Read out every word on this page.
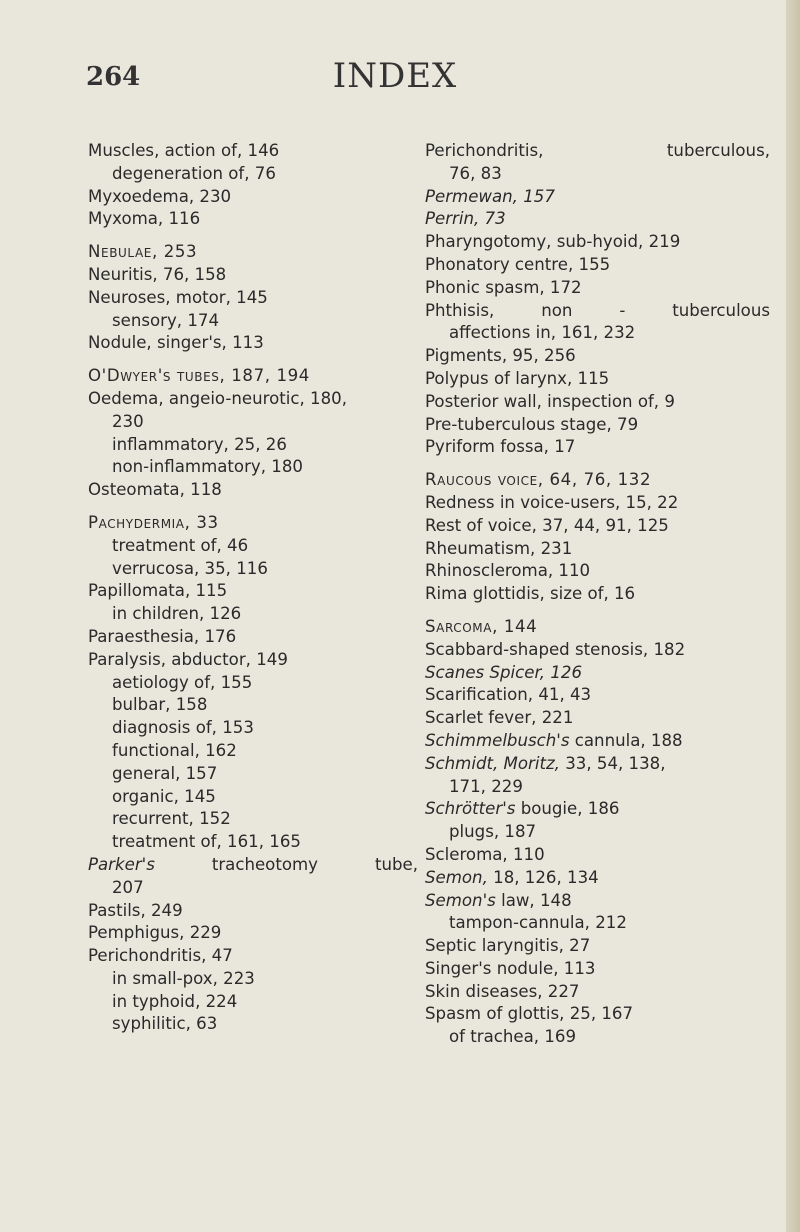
264	INDEX
Muscles, action of, 146
degeneration of, 76
Myxoedema, 230
Myxoma, 116
Nebulae, 253
Neuritis, 76, 158
Neuroses, motor, 145
sensory, 174
Nodule, singer's, 113
O'Dwyer's tubes, 187, 194
Oedema, angeio-neurotic, 180,
230
inflammatory, 25, 26
non-inflammatory, 180
Osteomata, 118
Pachydermia, 33
treatment of, 46
verrucosa, 35, 116
Papillomata, 115
in children, 126
Paraesthesia, 176
Paralysis, abductor, 149
aetiology of, 155
bulbar, 158
diagnosis of, 153
functional, 162
general, 157
organic, 145
recurrent, 152
treatment of, 161, 165
Parker's	tracheotomy	tube,
207
Pastils, 249
Pemphigus, 229
Perichondritis, 47
in small-pox, 223
in typhoid, 224
syphilitic, 63
Perichondritis,	tuberculous,
76, 83
Permewan, 157
Perrin, 73
Pharyngotomy, sub-hyoid, 219
Phonatory centre, 155
Phonic spasm, 172
Phthisis,	non	-	tuberculous
affections in, 161, 232
Pigments, 95, 256
Polypus of larynx, 115
Posterior wall, inspection of, 9
Pre-tuberculous stage, 79
Pyriform fossa, 17
Raucous voice, 64, 76, 132
Redness in voice-users, 15, 22
Rest of voice, 37, 44, 91, 125
Rheumatism, 231
Rhinoscleroma, 110
Rima glottidis, size of, 16
Sarcoma, 144
Scabbard-shaped stenosis, 182
Scanes Spicer, 126
Scarification, 41, 43
Scarlet fever, 221
Schimmelbusch's cannula, 188
Schmidt, Moritz, 33, 54, 138,
171, 229
Schrötter's bougie, 186
plugs, 187
Scleroma, 110
Semon, 18, 126, 134
Semon's law, 148
tampon-cannula, 212
Septic laryngitis, 27
Singer's nodule, 113
Skin diseases, 227
Spasm of glottis, 25, 167
of trachea, 169
